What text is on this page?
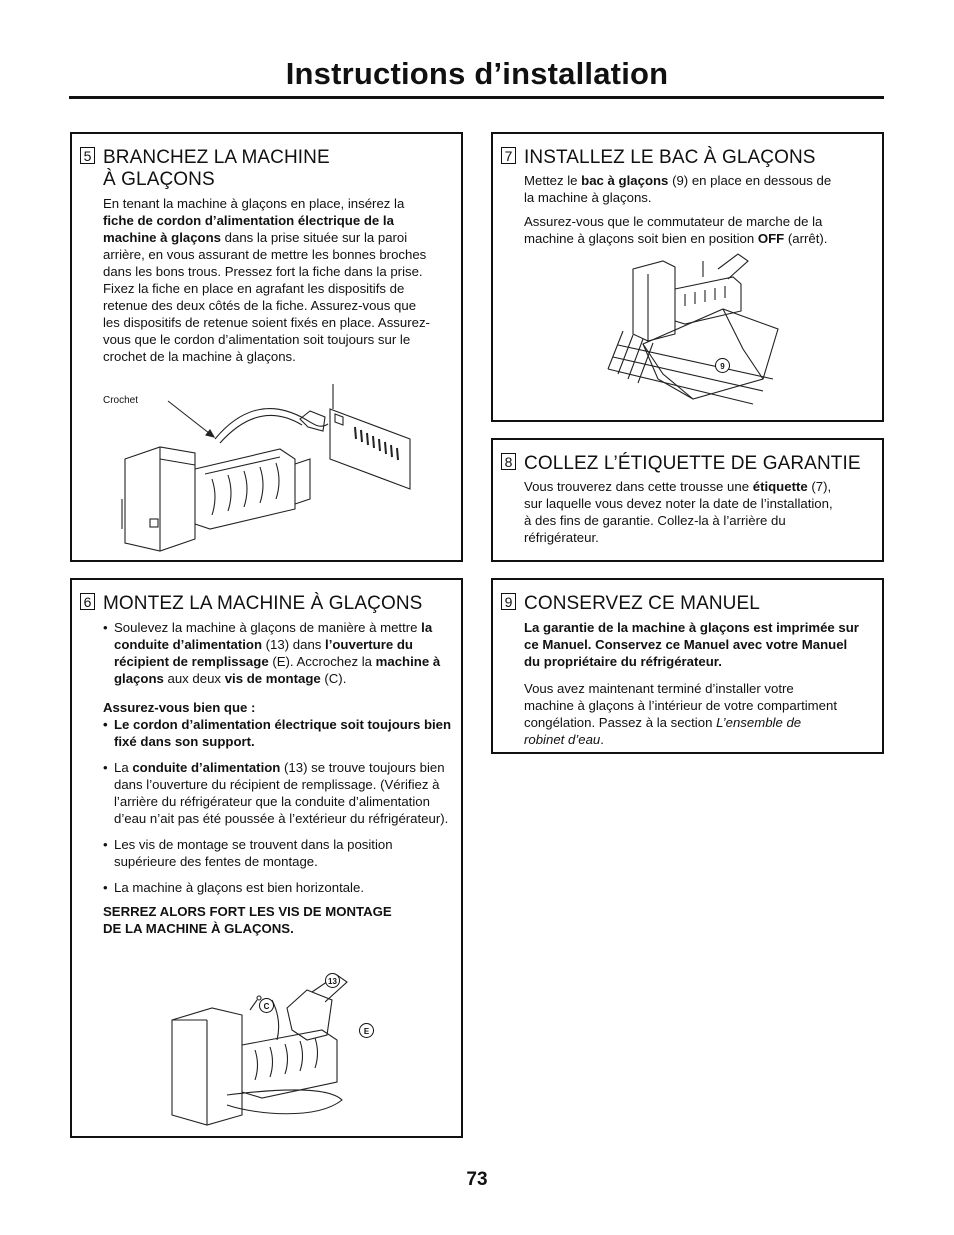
Instructions d’installation
5 BRANCHEZ LA MACHINE
À GLAÇONS

En tenant la machine à glaçons en place, insérez la fiche de cordon d’alimentation électrique de la machine à glaçons dans la prise située sur la paroi arrière, en vous assurant de mettre les bonnes broches dans les bons trous. Pressez fort la fiche dans la prise. Fixez la fiche en place en agrafant les dispositifs de retenue des deux côtés de la fiche. Assurez-vous que les dispositifs de retenue soient fixés en place. Assurez-vous que le cordon d’alimentation soit toujours sur le crochet de la machine à glaçons.

Crochet
6 MONTEZ LA MACHINE À GLAÇONS
• Soulevez la machine à glaçons de manière à mettre la conduite d’alimentation (13) dans l’ouverture du récipient de remplissage (E). Accrochez la machine à glaçons aux deux vis de montage (C).
Assurez-vous bien que :
• Le cordon d’alimentation électrique soit toujours bien fixé dans son support.
• La conduite d’alimentation (13) se trouve toujours bien dans l’ouverture du récipient de remplissage. (Vérifiez à l’arrière du réfrigérateur que la conduite d’alimentation d’eau n’ait pas été poussée à l’extérieur du réfrigérateur).
• Les vis de montage se trouvent dans la position supérieure des fentes de montage.
• La machine à glaçons est bien horizontale.
SERREZ ALORS FORT LES VIS DE MONTAGE DE LA MACHINE À GLAÇONS.
13
C
E
7 INSTALLEZ LE BAC À GLAÇONS

Mettez le bac à glaçons (9) en place en dessous de la machine à glaçons.

Assurez-vous que le commutateur de marche de la machine à glaçons soit bien en position OFF (arrêt).

9
8 COLLEZ L’ÉTIQUETTE DE GARANTIE

Vous trouverez dans cette trousse une étiquette (7), sur laquelle vous devez noter la date de l’installation, à des fins de garantie. Collez-la à l’arrière du réfrigérateur.

9 CONSERVEZ CE MANUEL

La garantie de la machine à glaçons est imprimée sur ce Manuel. Conservez ce Manuel avec votre Manuel du propriétaire du réfrigérateur.

Vous avez maintenant terminé d’installer votre machine à glaçons à l’intérieur de votre compartiment congélation. Passez à la section L’ensemble de robinet d’eau.

73
